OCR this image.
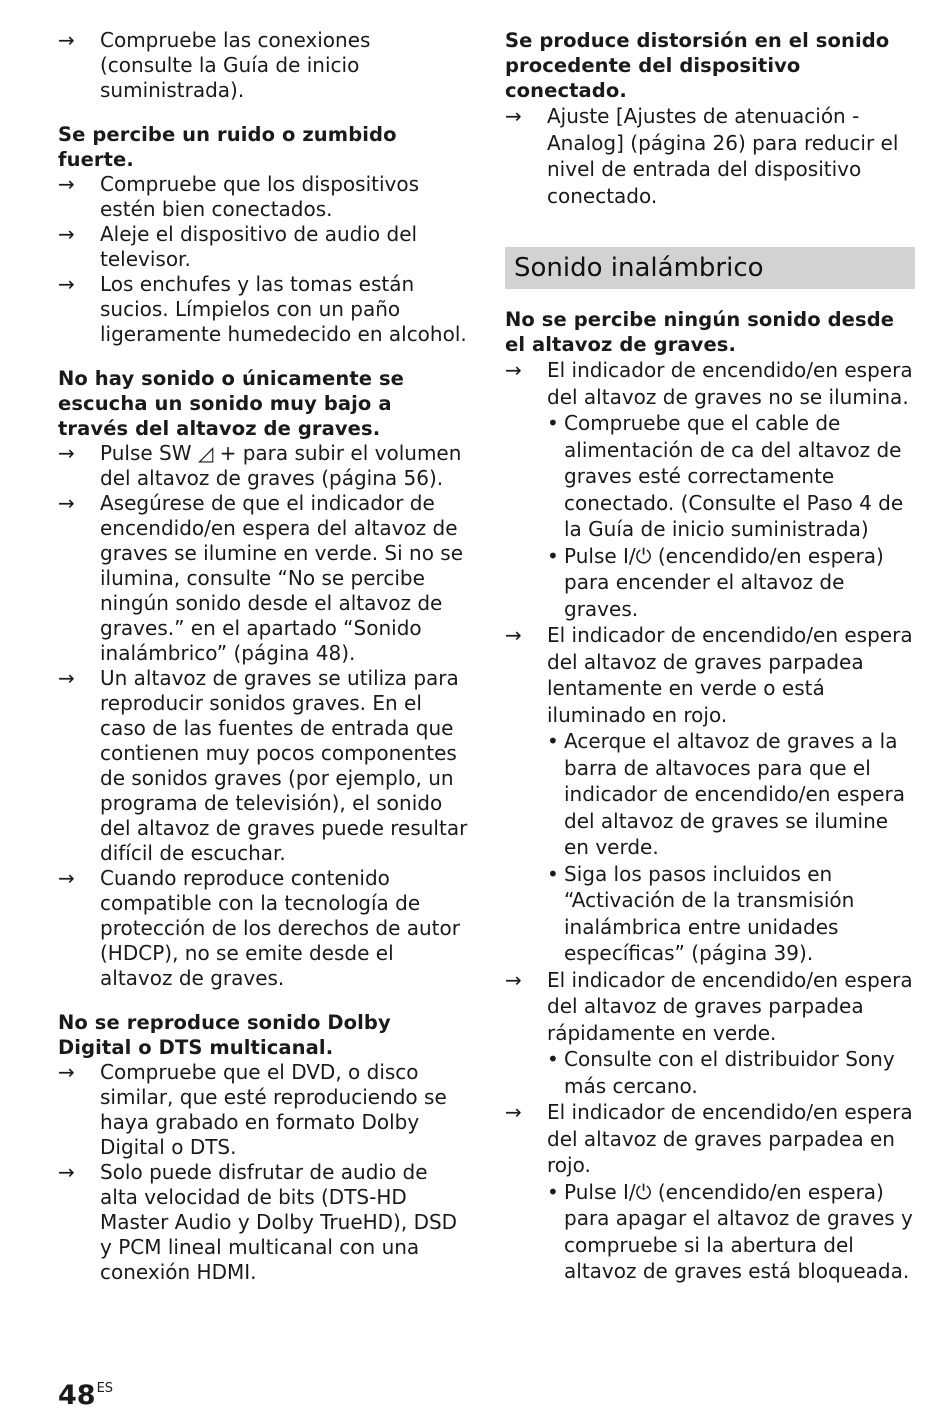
→	Compruebe las conexiones (consulte la Guía de inicio suministrada).

Se percibe un ruido o zumbido fuerte.

→	Compruebe que los dispositivos estén bien conectados.
→	Aleje el dispositivo de audio del televisor.
→	Los enchufes y las tomas están sucios. Límpielos con un paño ligeramente humedecido en alcohol.

No hay sonido o únicamente se escucha un sonido muy bajo a través del altavoz de graves.

→	Pulse SW ◿ + para subir el volumen del altavoz de graves (página 56).
→	Asegúrese de que el indicador de encendido/en espera del altavoz de graves se ilumine en verde. Si no se ilumina, consulte “No se percibe ningún sonido desde el altavoz de graves.” en el apartado “Sonido inalámbrico” (página 48).
→	Un altavoz de graves se utiliza para reproducir sonidos graves. En el caso de las fuentes de entrada que contienen muy pocos componentes de sonidos graves (por ejemplo, un programa de televisión), el sonido del altavoz de graves puede resultar difícil de escuchar.
→	Cuando reproduce contenido compatible con la tecnología de protección de los derechos de autor (HDCP), no se emite desde el altavoz de graves.

No se reproduce sonido Dolby Digital o DTS multicanal.

→	Compruebe que el DVD, o disco similar, que esté reproduciendo se haya grabado en formato Dolby Digital o DTS.
→	Solo puede disfrutar de audio de alta velocidad de bits (DTS-HD Master Audio y Dolby TrueHD), DSD y PCM lineal multicanal con una conexión HDMI.

Se produce distorsión en el sonido procedente del dispositivo conectado.

→	Ajuste [Ajustes de atenuación - Analog] (página 26) para reducir el nivel de entrada del dispositivo conectado.
Sonido inalámbrico

No se percibe ningún sonido desde el altavoz de graves.

→	El indicador de encendido/en espera del altavoz de graves no se ilumina.
• Compruebe que el cable de alimentación de ca del altavoz de graves esté correctamente conectado. (Consulte el Paso 4 de la Guía de inicio suministrada)
• Pulse I/⏻ (encendido/en espera) para encender el altavoz de graves.
→	El indicador de encendido/en espera del altavoz de graves parpadea lentamente en verde o está iluminado en rojo.
• Acerque el altavoz de graves a la barra de altavoces para que el indicador de encendido/en espera del altavoz de graves se ilumine en verde.
• Siga los pasos incluidos en “Activación de la transmisión inalámbrica entre unidades específicas” (página 39).
→	El indicador de encendido/en espera del altavoz de graves parpadea rápidamente en verde.
• Consulte con el distribuidor Sony más cercano.
→	El indicador de encendido/en espera del altavoz de graves parpadea en rojo.
• Pulse I/⏻ (encendido/en espera) para apagar el altavoz de graves y compruebe si la abertura del altavoz de graves está bloqueada.
$48^{ES}$
